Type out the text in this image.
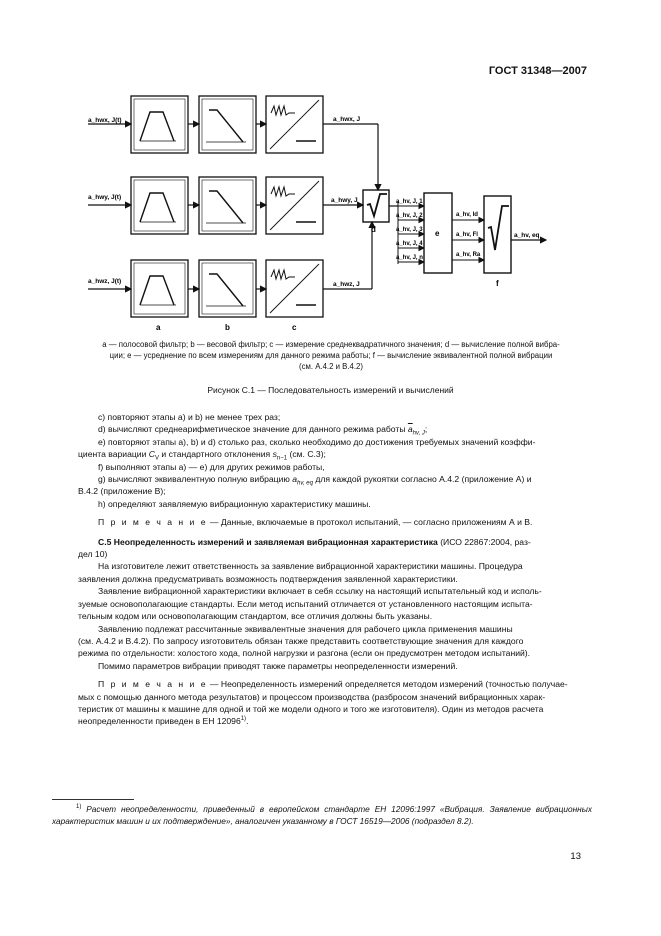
ГОСТ 31348—2007
a_hwx, J(t)	a_hwx, J
a_hwy, J(t)	a_hwy, J
a_hwz, J(t)	a_hwz, J
a	b	c
d
a_hv, J, 1
a_hv, J, 2
a_hv, J, 3
a_hv, J, 4
a_hv, J, n
e
a_hv, Id
a_hv, Fl
a_hv, Ra
f
a_hv, eq
a — полосовой фильтр; b — весовой фильтр; c — измерение среднеквадратичного значения; d — вычисление полной вибра-
ции; e — усреднение по всем измерениям для данного режима работы; f — вычисление эквивалентной полной вибрации
(см. А.4.2 и В.4.2)
Рисунок С.1 — Последовательность измерений и вычислений

c) повторяют этапы а) и b) не менее трех раз;

d) вычисляют среднеарифметическое значение для данного режима работы $\overline{a}_{hv, J}$;

e) повторяют этапы а), b) и d) столько раз, сколько необходимо до достижения требуемых значений коэффи-

циента вариации $C_V$ и стандартного отклонения $s_{n-1}$ (см. С.3);

f) выполняют этапы а) — е) для других режимов работы,

g) вычисляют эквивалентную полную вибрацию $a_{hv, eq}$ для каждой рукоятки согласно А.4.2 (приложение А) и

В.4.2 (приложение В);

h) определяют заявляемую вибрационную характеристику машины.

П р и м е ч а н и е — Данные, включаемые в протокол испытаний, — согласно приложениям А и В.

С.5 Неопределенность измерений и заявляемая вибрационная характеристика (ИСО 22867:2004, раз-

дел 10)

На изготовителе лежит ответственность за заявление вибрационной характеристики машины. Процедура

заявления должна предусматривать возможность подтверждения заявленной характеристики.

Заявление вибрационной характеристики включает в себя ссылку на настоящий испытательный код и исполь-

зуемые основополагающие стандарты. Если метод испытаний отличается от установленного настоящим испыта-

тельным кодом или основополагающим стандартом, все отличия должны быть указаны.

Заявлению подлежат рассчитанные эквивалентные значения для рабочего цикла применения машины

(см. А.4.2 и В.4.2). По запросу изготовитель обязан также представить соответствующие значения для каждого

режима по отдельности: холостого хода, полной нагрузки и разгона (если он предусмотрен методом испытаний).

Помимо параметров вибрации приводят также параметры неопределенности измерений.

П р и м е ч а н и е — Неопределенность измерений определяется методом измерений (точностью получае-

мых с помощью данного метода результатов) и процессом производства (разбросом значений вибрационных харак-

теристик от машины к машине для одной и той же модели одного и того же изготовителя). Один из методов расчета

неопределенности приведен в ЕН 12096$^{1)}$.

$^{1)}$ Расчет неопределенности, приведенный в европейском стандарте ЕН 12096:1997 «Вибрация. Заявление вибрационных характеристик машин и их подтверждение», аналогичен указанному в ГОСТ 16519—2006 (подраздел 8.2).
13
